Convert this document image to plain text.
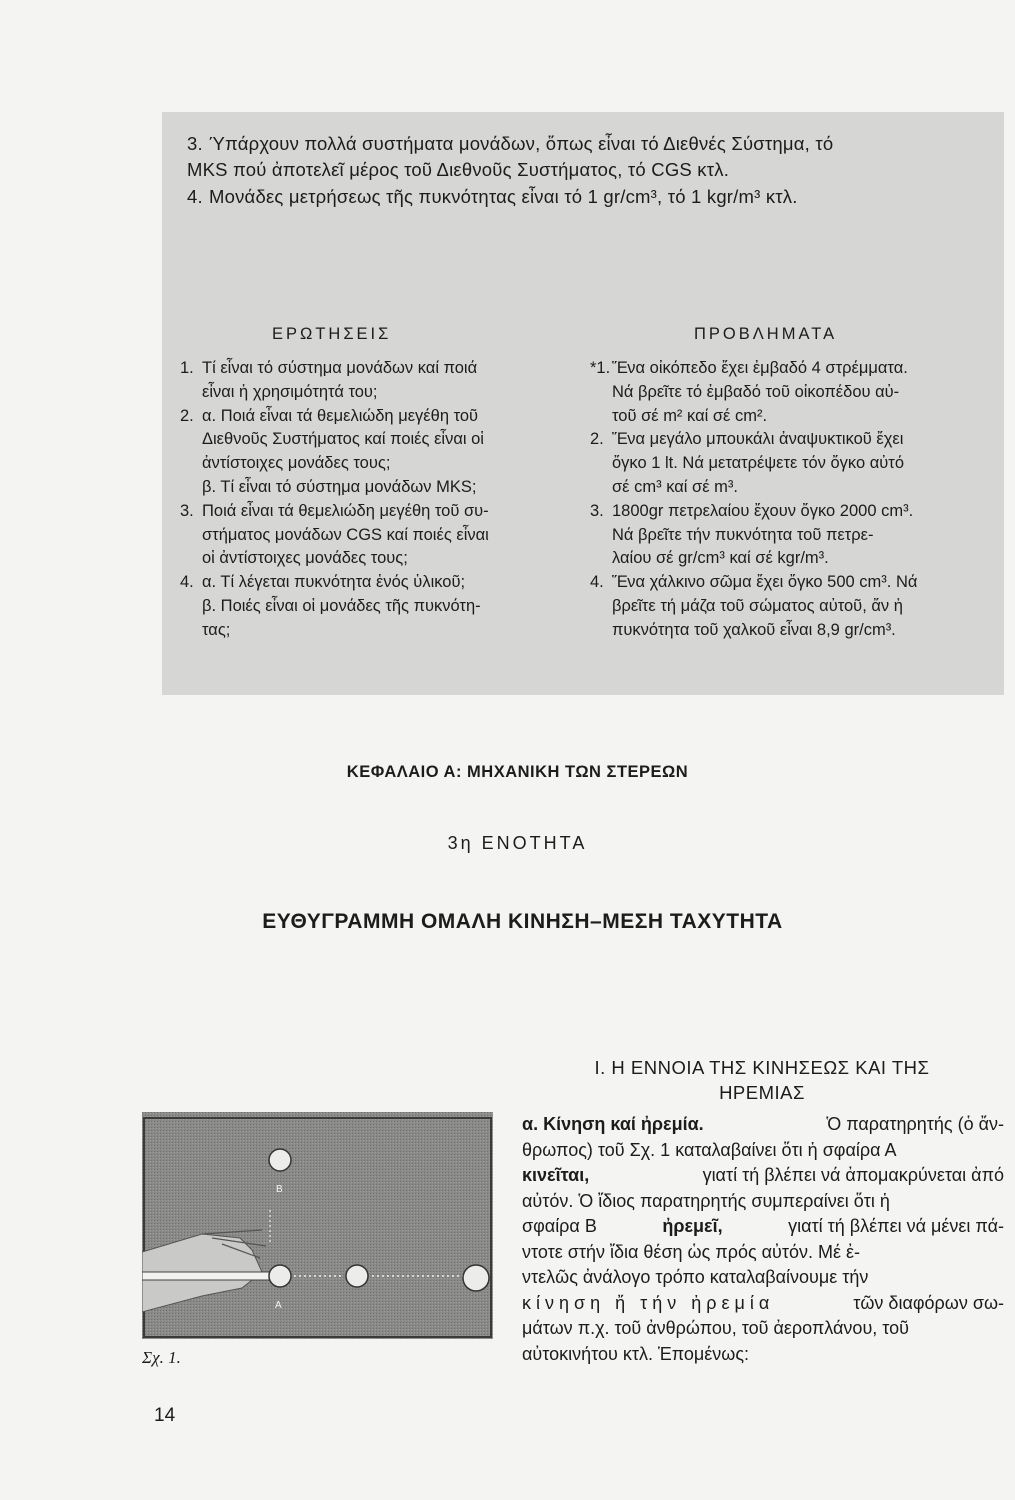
3. Ύπάρχουν πολλά συστήματα μονάδων, ὅπως εἶναι τό Διεθνές Σύστημα, τό
MKS πού ἀποτελεῖ μέρος τοῦ Διεθνοῦς Συστήματος, τό CGS κτλ.
4. Μονάδες μετρήσεως τῆς πυκνότητας εἶναι τό 1 gr/cm³, τό 1 kgr/m³ κτλ.
ΕΡΩΤΗΣΕΙΣ	ΠΡΟΒΛΗΜΑΤΑ
1. Τί εἶναι τό σύστημα μονάδων καί ποιά
εἶναι ἡ χρησιμότητά του;
2. α. Ποιά εἶναι τά θεμελιώδη μεγέθη τοῦ
Διεθνοῦς Συστήματος καί ποιές εἶναι οἱ
ἀντίστοιχες μονάδες τους;
β. Τί εἶναι τό σύστημα μονάδων MKS;
3. Ποιά εἶναι τά θεμελιώδη μεγέθη τοῦ συ-
στήματος μονάδων CGS καί ποιές εἶναι
οἱ ἀντίστοιχες μονάδες τους;
4. α. Τί λέγεται πυκνότητα ἑνός ὑλικοῦ;
β. Ποιές εἶναι οἱ μονάδες τῆς πυκνότη-
τας;
*1. Ἕνα οἰκόπεδο ἔχει ἐμβαδό 4 στρέμματα.
Νά βρεῖτε τό ἐμβαδό τοῦ οἰκοπέδου αὐ-
τοῦ σέ m² καί σέ cm².
2. Ἕνα μεγάλο μπουκάλι ἀναψυκτικοῦ ἔχει
ὄγκο 1 lt. Νά μετατρέψετε τόν ὄγκο αὐτό
σέ cm³ καί σέ m³.
3. 1800gr πετρελαίου ἔχουν ὄγκο 2000 cm³.
Νά βρεῖτε τήν πυκνότητα τοῦ πετρε-
λαίου σέ gr/cm³ καί σέ kgr/m³.
4. Ἕνα χάλκινο σῶμα ἔχει ὄγκο 500 cm³. Νά
βρεῖτε τή μάζα τοῦ σώματος αὐτοῦ, ἄν ἡ
πυκνότητα τοῦ χαλκοῦ εἶναι 8,9 gr/cm³.
ΚΕΦΑΛΑΙΟ Α: ΜΗΧΑΝΙΚΗ ΤΩΝ ΣΤΕΡΕΩΝ
3η ΕΝΟΤΗΤΑ
ΕΥΘΥΓΡΑΜΜΗ ΟΜΑΛΗ ΚΙΝΗΣΗ–ΜΕΣΗ ΤΑΧΥΤΗΤΑ
Β
Α
Σχ. 1.
I. Η ΕΝΝΟΙΑ ΤΗΣ ΚΙΝΗΣΕΩΣ ΚΑΙ ΤΗΣ
ΗΡΕΜΙΑΣ
α. Κίνηση καί ἠρεμία.	Ὁ παρατηρητής (ὁ ἄν-
θρωπος) τοῦ Σχ. 1 καταλαβαίνει ὅτι ἡ σφαίρα Α
κινεῖται,	γιατί τή βλέπει νά ἀπομακρύνεται ἀπό
αὐτόν. Ὁ ἴδιος παρατηρητής συμπεραίνει ὅτι ἡ
σφαίρα Β	ἠρεμεῖ,	γιατί τή βλέπει νά μένει πά-
ντοτε στήν ἴδια θέση ὡς πρός αὐτόν. Μέ ἐ-
ντελῶς ἀνάλογο τρόπο καταλαβαίνουμε τήν
κίνηση ἤ τήν ἠρεμία	τῶν διαφόρων σω-
μάτων π.χ. τοῦ ἀνθρώπου, τοῦ ἀεροπλάνου, τοῦ
αὐτοκινήτου κτλ. Ἑπομένως:
14
